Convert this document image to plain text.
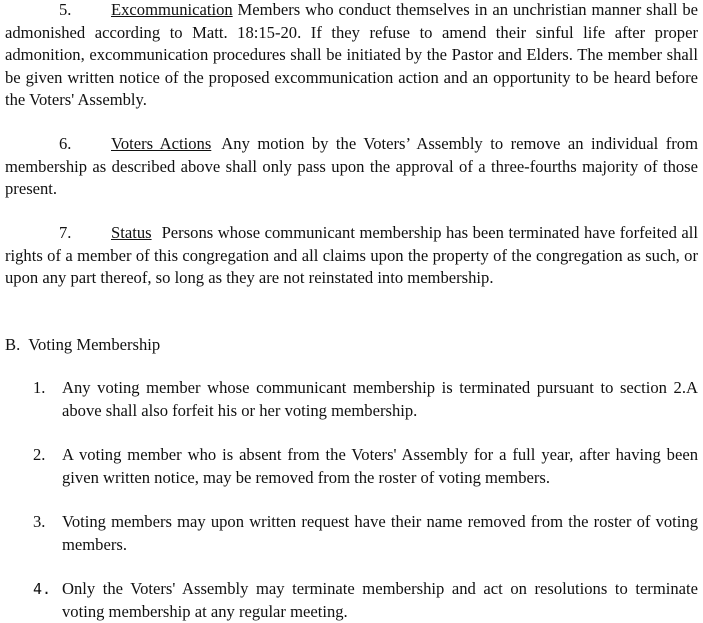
5. Excommunication Members who conduct themselves in an unchristian manner shall be admonished according to Matt. 18:15-20. If they refuse to amend their sinful life after proper admonition, excommunication procedures shall be initiated by the Pastor and Elders. The member shall be given written notice of the proposed excommunication action and an opportunity to be heard before the Voters' Assembly.

6. Voters Actions Any motion by the Voters’ Assembly to remove an individual from membership as described above shall only pass upon the approval of a three-fourths majority of those present.

7. Status Persons whose communicant membership has been terminated have forfeited all rights of a member of this congregation and all claims upon the property of the congregation as such, or upon any part thereof, so long as they are not reinstated into membership.

B.  Voting Membership

1. Any voting member whose communicant membership is terminated pursuant to section 2.A above shall also forfeit his or her voting membership.
2. A voting member who is absent from the Voters' Assembly for a full year, after having been given written notice, may be removed from the roster of voting members.
3. Voting members may upon written request have their name removed from the roster of voting members.
4. Only the Voters' Assembly may terminate membership and act on resolutions to terminate voting membership at any regular meeting.
